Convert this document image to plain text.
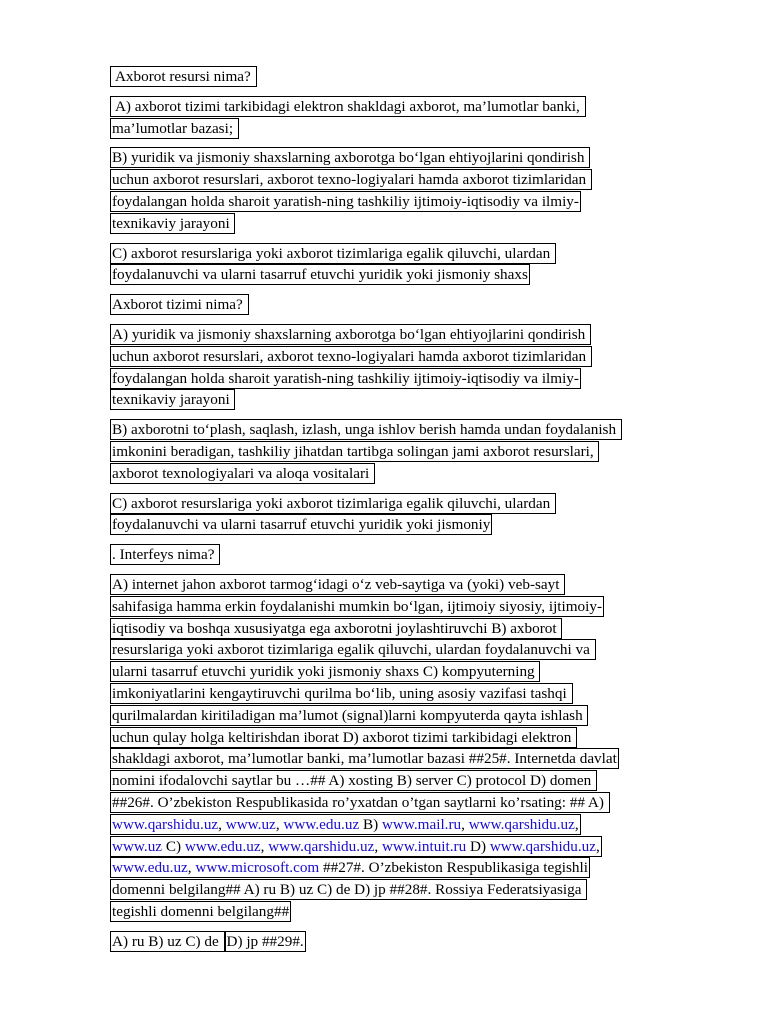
Axborot resursi nima?
A) axborot tizimi tarkibidagi elektron shakldagi axborot, ma’lumotlar banki,
ma’lumotlar bazasi;
B) yuridik va jismoniy shaxslarning axborotga bo‘lgan ehtiyojlarini qondirish
uchun axborot resurslari, axborot texno-logiyalari hamda axborot tizimlaridan
foydalangan holda sharoit yaratish-ning tashkiliy ijtimoiy-iqtisodiy va ilmiy-
texnikaviy jarayoni
C) axborot resurslariga yoki axborot tizimlariga egalik qiluvchi, ulardan
foydalanuvchi va ularni tasarruf etuvchi yuridik yoki jismoniy shaxs
Axborot tizimi nima?
A) yuridik va jismoniy shaxslarning axborotga bo‘lgan ehtiyojlarini qondirish
uchun axborot resurslari, axborot texno-logiyalari hamda axborot tizimlaridan
foydalangan holda sharoit yaratish-ning tashkiliy ijtimoiy-iqtisodiy va ilmiy-
texnikaviy jarayoni
B) axborotni to‘plash, saqlash, izlash, unga ishlov berish hamda undan foydalanish
imkonini beradigan, tashkiliy jihatdan tartibga solingan jami axborot resurslari,
axborot texnologiyalari va aloqa vositalari
C) axborot resurslariga yoki axborot tizimlariga egalik qiluvchi, ulardan
foydalanuvchi va ularni tasarruf etuvchi yuridik yoki jismoniy
. Interfeys nima?
A) internet jahon axborot tarmog‘idagi o‘z veb-saytiga va (yoki) veb-sayt
sahifasiga hamma erkin foydalanishi mumkin bo‘lgan, ijtimoiy siyosiy, ijtimoiy-
iqtisodiy va boshqa xususiyatga ega axborotni joylashtiruvchi B) axborot
resurslariga yoki axborot tizimlariga egalik qiluvchi, ulardan foydalanuvchi va
ularni tasarruf etuvchi yuridik yoki jismoniy shaxs C) kompyuterning
imkoniyatlarini kengaytiruvchi qurilma bo‘lib, uning asosiy vazifasi tashqi
qurilmalardan kiritiladigan ma’lumot (signal)larni kompyuterda qayta ishlash
uchun qulay holga keltirishdan iborat D) axborot tizimi tarkibidagi elektron
shakldagi axborot, ma’lumotlar banki, ma’lumotlar bazasi ##25#. Internetda davlat
nomini ifodalovchi saytlar bu …## A) xosting B) server C) protocol D) domen
##26#. O’zbekiston Respublikasida ro’yxatdan o’tgan saytlarni ko’rsating: ## A)
www.qarshidu.uz, www.uz, www.edu.uz B) www.mail.ru, www.qarshidu.uz,
www.uz C) www.edu.uz, www.qarshidu.uz, www.intuit.ru D) www.qarshidu.uz,
www.edu.uz, www.microsoft.com ##27#. O’zbekiston Respublikasiga tegishli
domenni belgilang## A) ru B) uz C) de D) jp ##28#. Rossiya Federatsiyasiga
tegishli domenni belgilang##
A) ru B) uz C) de D) jp ##29#.
